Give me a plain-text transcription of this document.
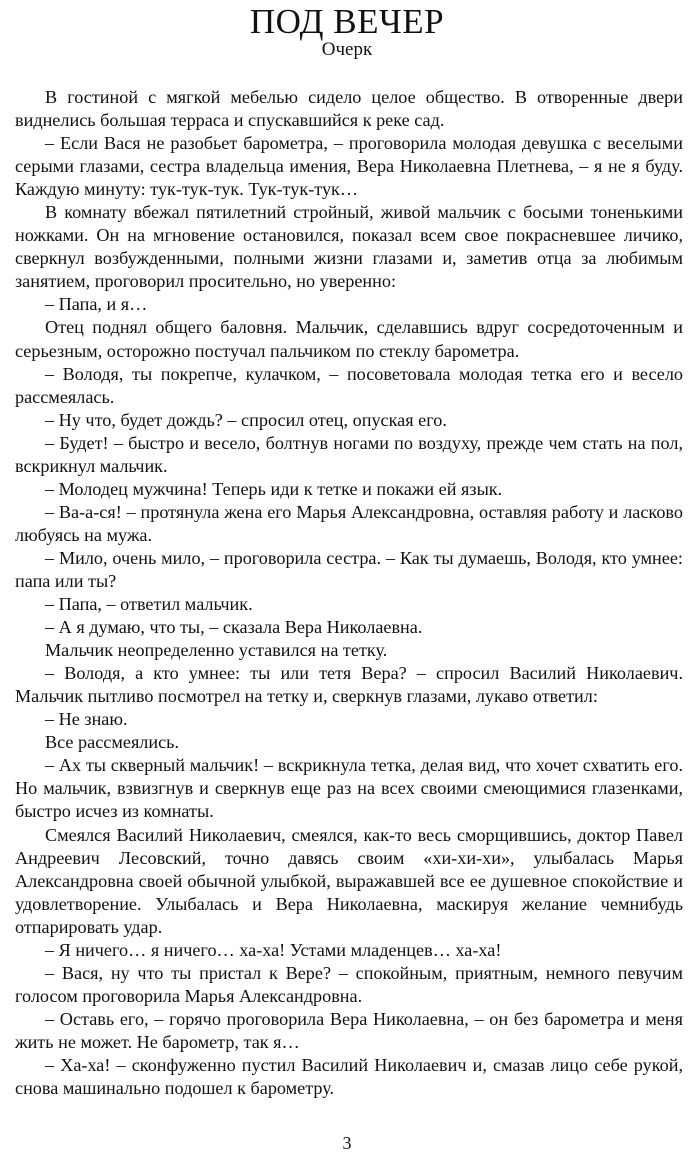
ПОД ВЕЧЕР
Очерк

В гостиной с мягкой мебелью сидело целое общество. В отворенные двери виднелись большая терраса и спускавшийся к реке сад.

– Если Вася не разобьет барометра, – проговорила молодая девушка с веселыми серыми глазами, сестра владельца имения, Вера Николаевна Плетнева, – я не я буду. Каждую минуту: тук-тук-тук. Тук-тук-тук…

В комнату вбежал пятилетний стройный, живой мальчик с босыми тоненькими ножками. Он на мгновение остановился, показал всем свое покрасневшее личико, сверкнул возбужденными, полными жизни глазами и, заметив отца за любимым занятием, проговорил просительно, но уверенно:

– Папа, и я…

Отец поднял общего баловня. Мальчик, сделавшись вдруг сосредоточенным и серьезным, осторожно постучал пальчиком по стеклу барометра.

– Володя, ты покрепче, кулачком, – посоветовала молодая тетка его и весело рассмеялась.

– Ну что, будет дождь? – спросил отец, опуская его.

– Будет! – быстро и весело, болтнув ногами по воздуху, прежде чем стать на пол, вскрикнул мальчик.

– Молодец мужчина! Теперь иди к тетке и покажи ей язык.

– Ва-а-ся! – протянула жена его Марья Александровна, оставляя работу и ласково любуясь на мужа.

– Мило, очень мило, – проговорила сестра. – Как ты думаешь, Володя, кто умнее: папа или ты?

– Папа, – ответил мальчик.

– А я думаю, что ты, – сказала Вера Николаевна.

Мальчик неопределенно уставился на тетку.

– Володя, а кто умнее: ты или тетя Вера? – спросил Василий Николаевич. Мальчик пытливо посмотрел на тетку и, сверкнув глазами, лукаво ответил:

– Не знаю.

Все рассмеялись.

– Ах ты скверный мальчик! – вскрикнула тетка, делая вид, что хочет схватить его. Но мальчик, взвизгнув и сверкнув еще раз на всех своими смеющимися глазенками, быстро исчез из комнаты.

Смеялся Василий Николаевич, смеялся, как-то весь сморщившись, доктор Павел Андреевич Лесовский, точно давясь своим «хи-хи-хи», улыбалась Марья Александровна своей обычной улыбкой, выражавшей все ее душевное спокойствие и удовлетворение. Улыбалась и Вера Николаевна, маскируя желание чемнибудь отпарировать удар.

– Я ничего… я ничего… ха-ха! Устами младенцев… ха-ха!

– Вася, ну что ты пристал к Вере? – спокойным, приятным, немного певучим голосом проговорила Марья Александровна.

– Оставь его, – горячо проговорила Вера Николаевна, – он без барометра и меня жить не может. Не барометр, так я…

– Ха-ха! – сконфуженно пустил Василий Николаевич и, смазав лицо себе рукой, снова машинально подошел к барометру.

3
